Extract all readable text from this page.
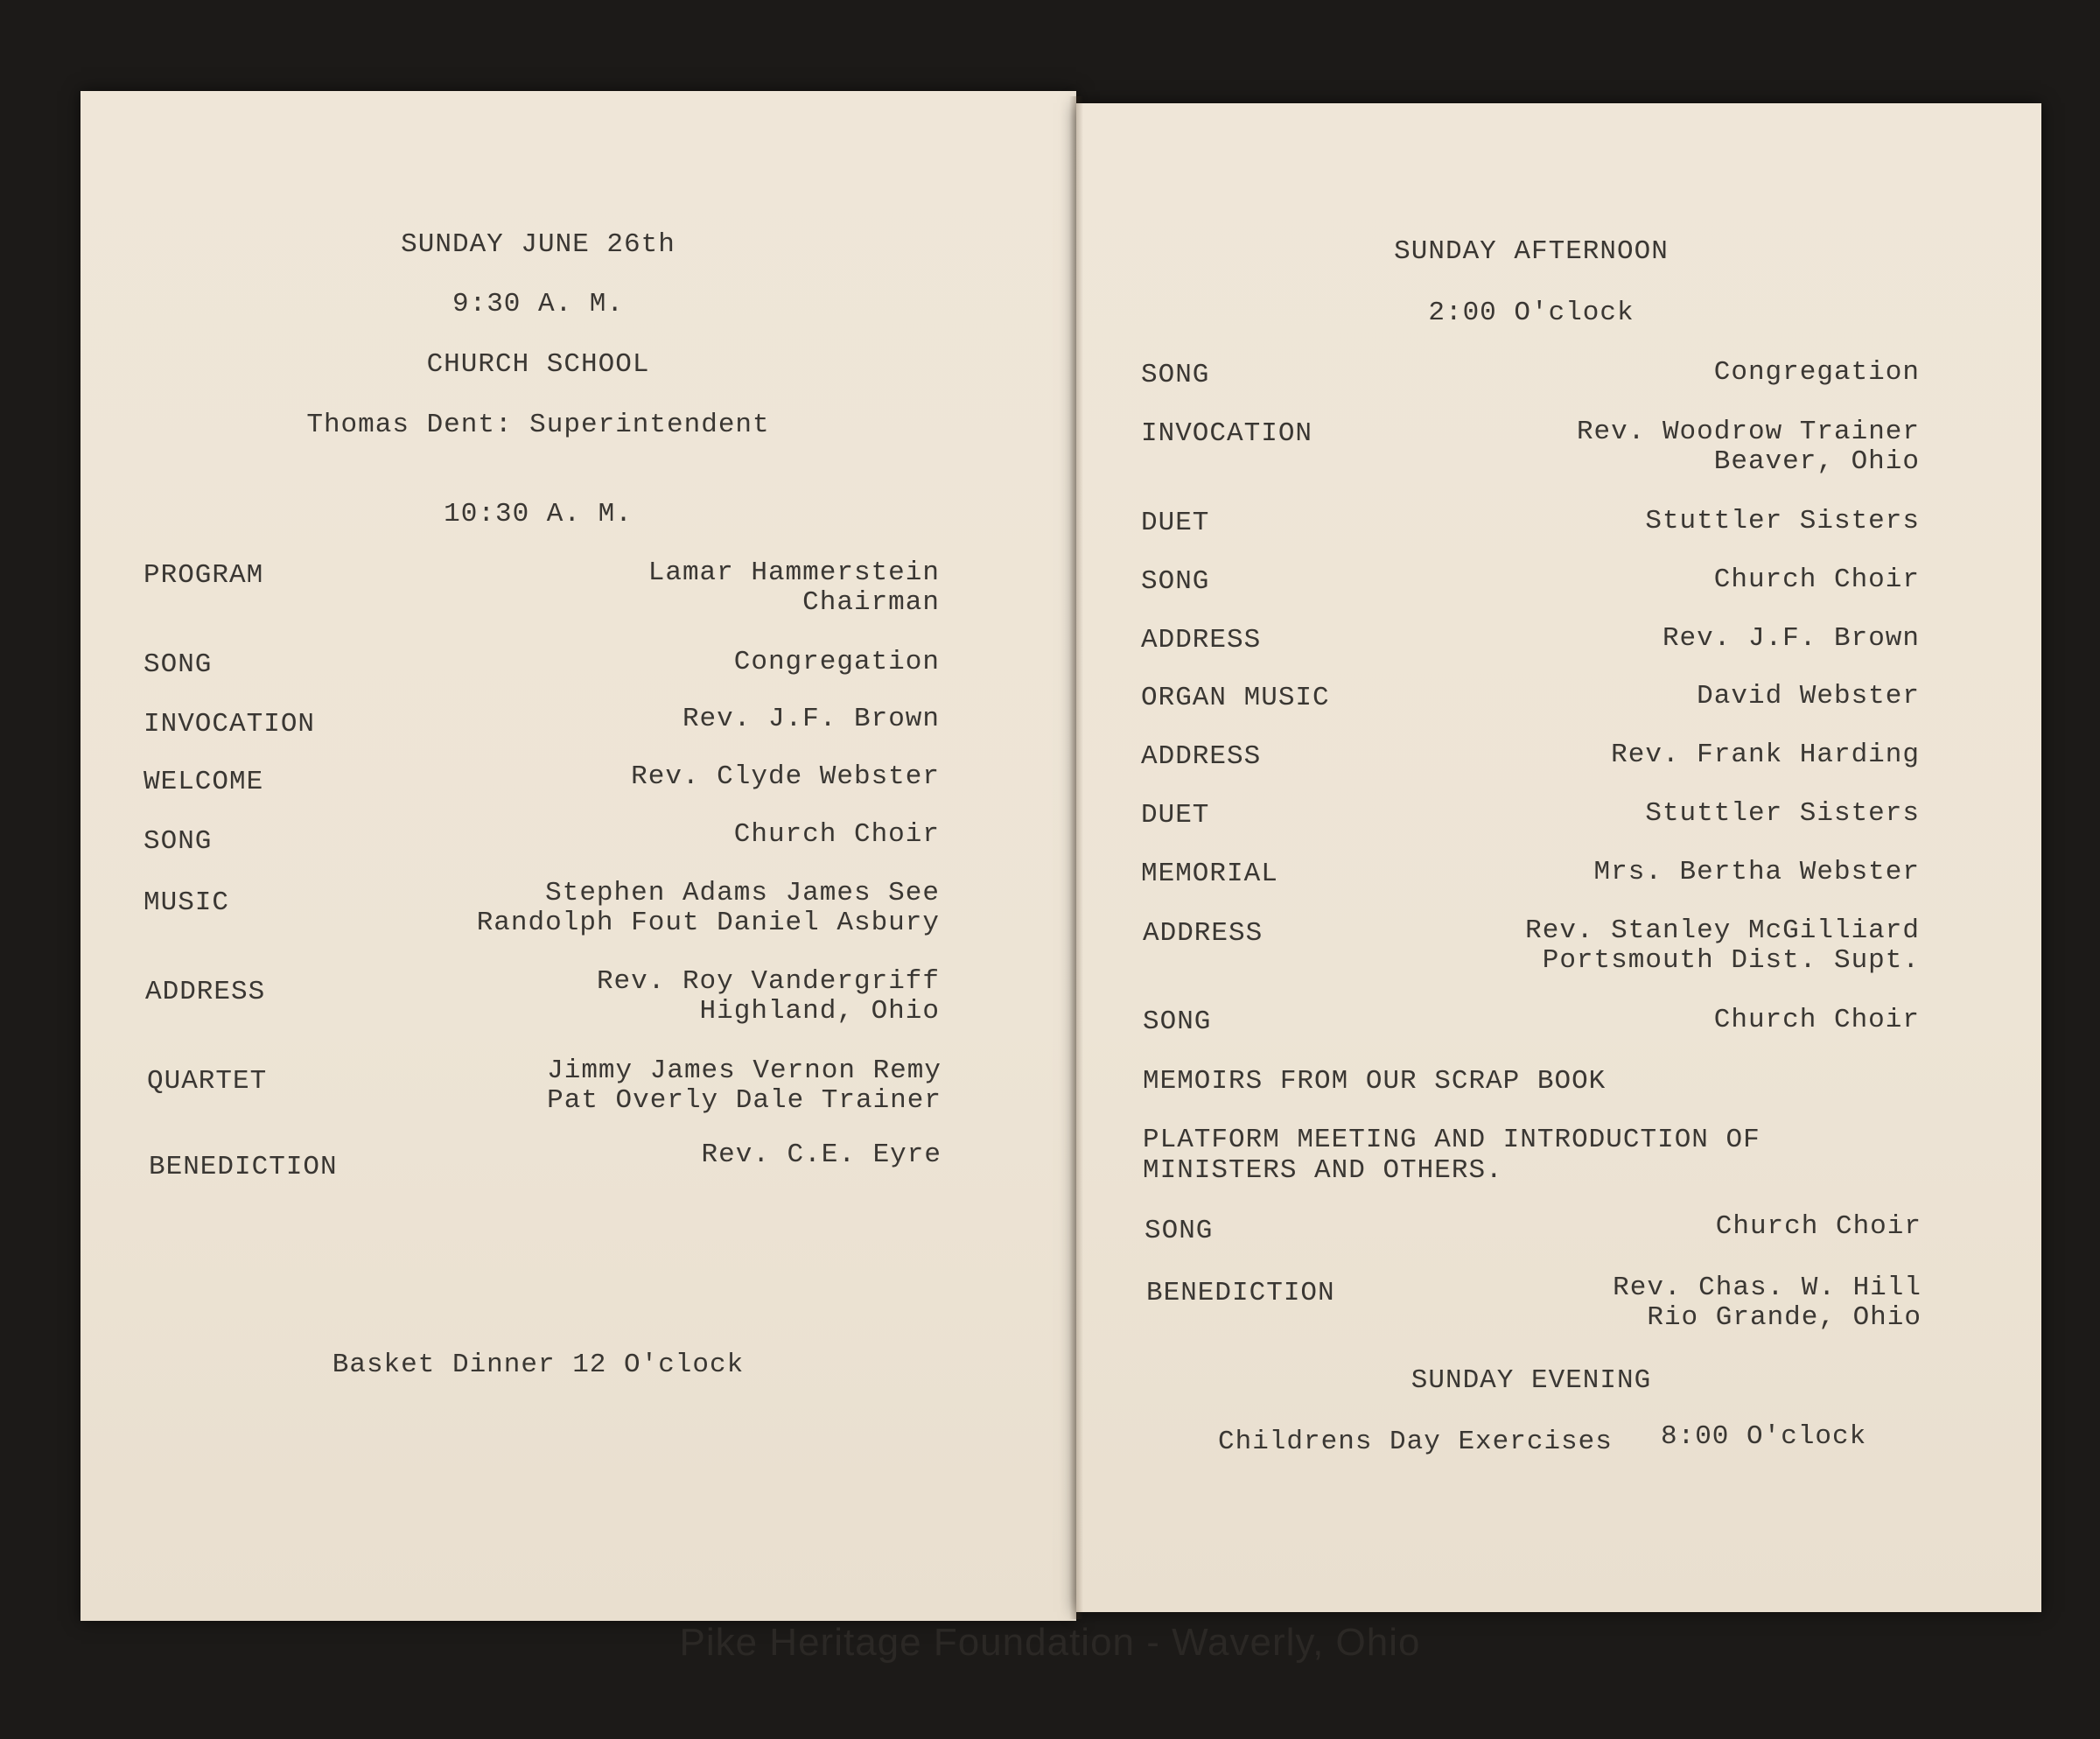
SUNDAY JUNE 26th
9:30 A. M.
CHURCH SCHOOL
Thomas Dent: Superintendent
10:30 A. M.
PROGRAM	Lamar Hammerstein
Chairman
SONG	Congregation
INVOCATION	Rev. J.F. Brown
WELCOME	Rev. Clyde Webster
SONG	Church Choir
MUSIC	Stephen Adams James See
Randolph Fout Daniel Asbury
ADDRESS	Rev. Roy Vandergriff
Highland, Ohio
QUARTET	Jimmy James Vernon Remy
Pat Overly Dale Trainer
BENEDICTION	Rev. C.E. Eyre
Basket Dinner 12 O'clock
SUNDAY AFTERNOON
2:00 O'clock
SONG	Congregation
INVOCATION	Rev. Woodrow Trainer
Beaver, Ohio
DUET	Stuttler Sisters
SONG	Church Choir
ADDRESS	Rev. J.F. Brown
ORGAN MUSIC	David Webster
ADDRESS	Rev. Frank Harding
DUET	Stuttler Sisters
MEMORIAL	Mrs. Bertha Webster
ADDRESS	Rev. Stanley McGilliard
Portsmouth Dist. Supt.
SONG	Church Choir
MEMOIRS FROM OUR SCRAP BOOK
PLATFORM MEETING AND INTRODUCTION OF
MINISTERS AND OTHERS.
SONG	Church Choir
BENEDICTION	Rev. Chas. W. Hill
Rio Grande, Ohio
SUNDAY EVENING
Childrens Day Exercises 8:00 O'clock
Pike Heritage Foundation - Waverly, Ohio
